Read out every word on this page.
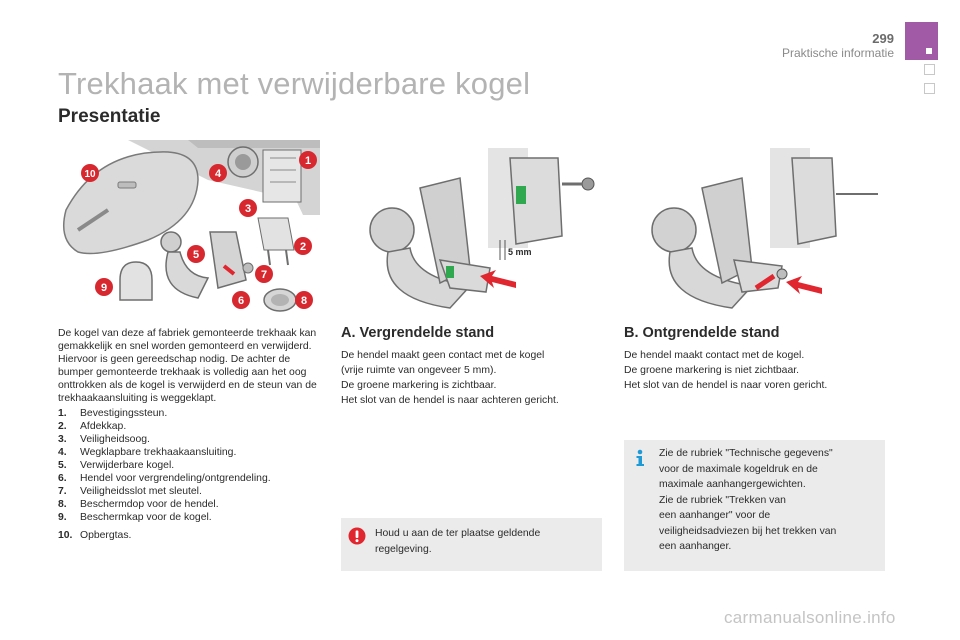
299
Praktische informatie
Trekhaak met verwijderbare kogel
Presentatie
10	4
1
3
2
5
7
6
9
8
5 mm

De kogel van deze af fabriek gemonteerde trekhaak kan gemakkelijk en snel worden gemonteerd en verwijderd. Hiervoor is geen gereedschap nodig. De achter de bumper gemonteerde trekhaak is volledig aan het oog onttrokken als de kogel is verwijderd en de steun van de trekhaakaansluiting is weggeklapt.

1.	Bevestigingssteun.
2.	Afdekkap.
3.	Veiligheidsoog.
4.	Wegklapbare trekhaakaansluiting.
5.	Verwijderbare kogel.
6.	Hendel voor vergrendeling/ontgrendeling.
7.	Veiligheidsslot met sleutel.
8.	Beschermdop voor de hendel.
9.	Beschermkap voor de kogel.
10. Opbergtas.
A. Vergrendelde stand
De hendel maakt geen contact met de kogel
(vrije ruimte van ongeveer 5 mm).
De groene markering is zichtbaar.
Het slot van de hendel is naar achteren gericht.
B. Ontgrendelde stand
De hendel maakt contact met de kogel.
De groene markering is niet zichtbaar.
Het slot van de hendel is naar voren gericht.
Houd u aan de ter plaatse geldende
regelgeving.
Zie de rubriek "Technische gegevens"
voor de maximale kogeldruk en de
maximale aanhangergewichten.
Zie de rubriek "Trekken van
een aanhanger" voor de
veiligheidsadviezen bij het trekken van
een aanhanger.
carmanualsonline.info
